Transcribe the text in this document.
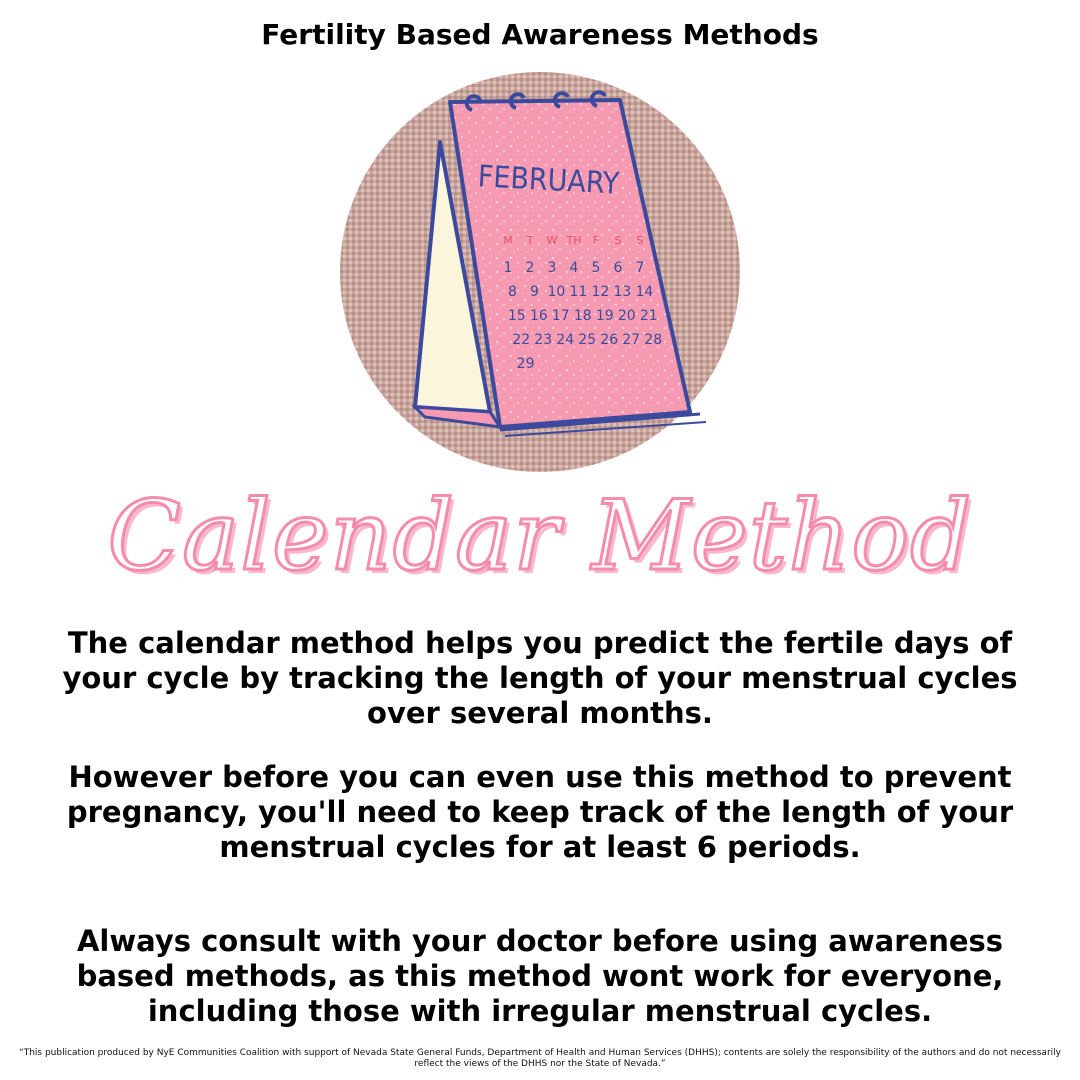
Fertility Based Awareness Methods
FEBRUARY
M T W TH F S S
1 2 3 4 5 6 7
8 9 10 11 12 13 14
15 16 17 18 19 20 21
22 23 24 25 26 27 28
29
Calendar Method
The calendar method helps you predict the fertile days of your cycle by tracking the length of your menstrual cycles over several months.
However before you can even use this method to prevent pregnancy, you'll need to keep track of the length of your menstrual cycles for at least 6 periods.
Always consult with your doctor before using awareness based methods, as this method wont work for everyone, including those with irregular menstrual cycles.
“This publication produced by NyE Communities Coalition with support of Nevada State General Funds, Department of Health and Human Services (DHHS); contents are solely the responsibility of the authors and do not necessarily reflect the views of the DHHS nor the State of Nevada.”
